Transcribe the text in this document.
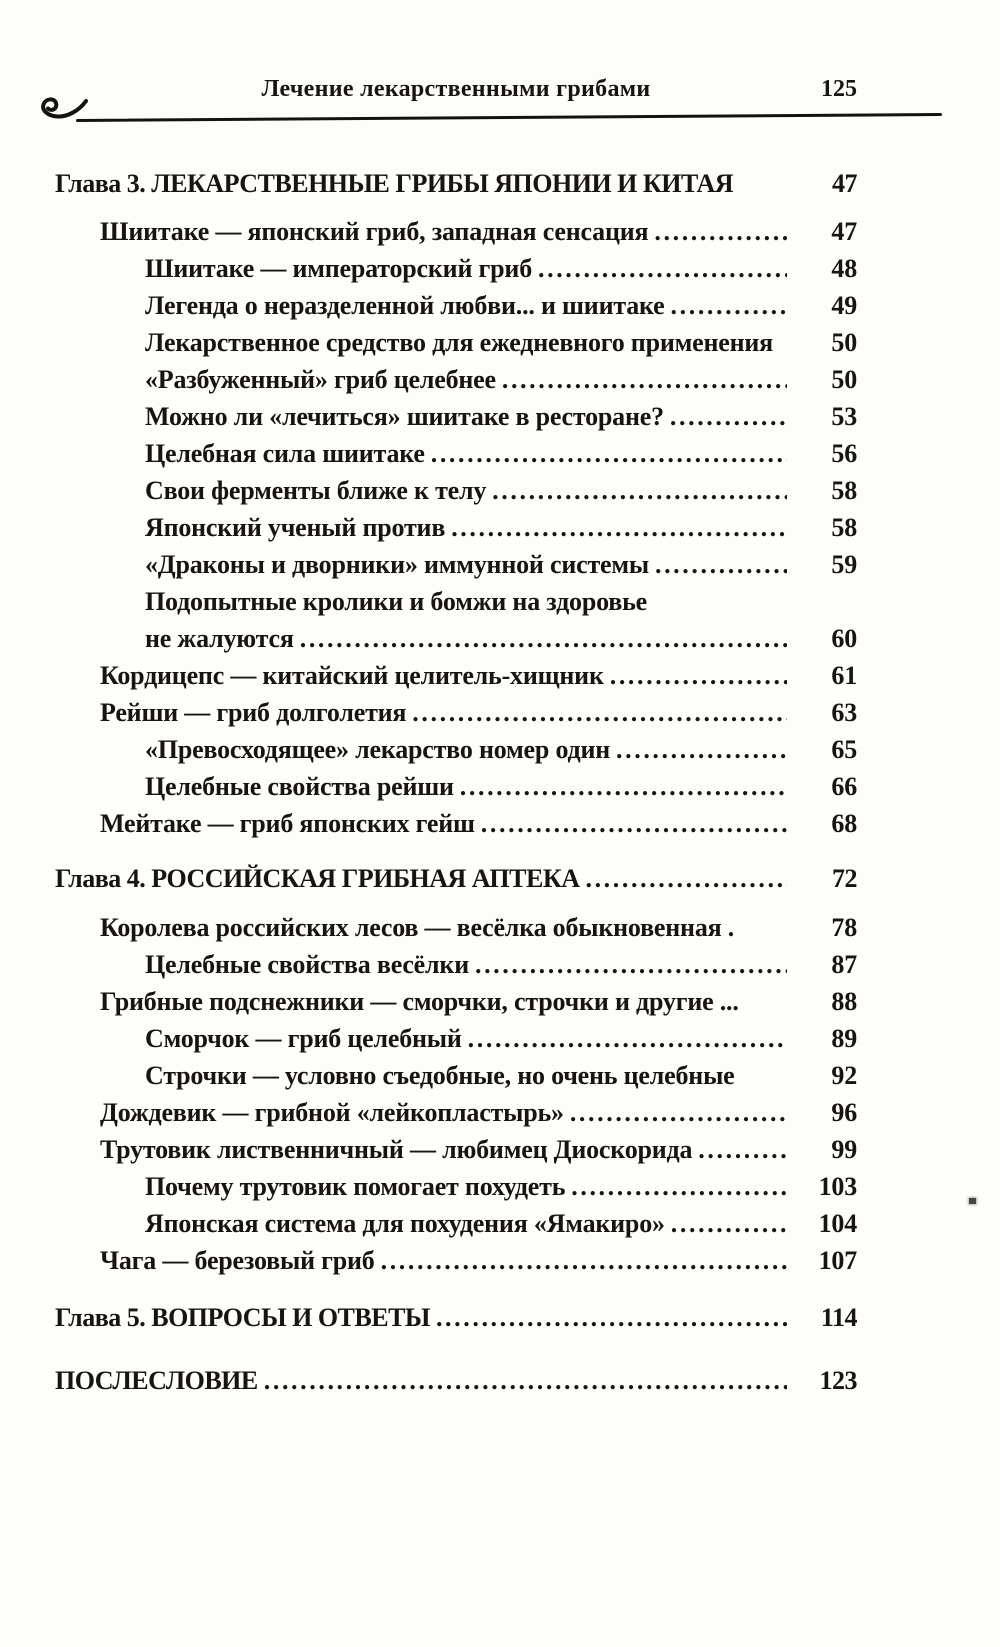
Лечение лекарственными грибами	125
Глава 3. ЛЕКАРСТВЕННЫЕ ГРИБЫ ЯПОНИИ И КИТАЯ	47
Шиитаке — японский гриб, западная сенсация .....	47
Шиитаке — императорский гриб .....	48
Легенда о неразделенной любви... и шиитаке .....	49
Лекарственное средство для ежедневного применения	50
«Разбуженный» гриб целебнее .....	50
Можно ли «лечиться» шиитаке в ресторане? .....	53
Целебная сила шиитаке .....	56
Свои ферменты ближе к телу .....	58
Японский ученый против .....	58
«Драконы и дворники» иммунной системы .....	59
Подопытные кролики и бомжи на здоровье
не жалуются .....	60
Кордицепс — китайский целитель-хищник .....	61
Рейши — гриб долголетия .....	63
«Превосходящее» лекарство номер один .....	65
Целебные свойства рейши .....	66
Мейтаке — гриб японских гейш .....	68
Глава 4. РОССИЙСКАЯ ГРИБНАЯ АПТЕКА .....	72
Королева российских лесов — весёлка обыкновенная .	78
Целебные свойства весёлки .....	87
Грибные подснежники — сморчки, строчки и другие ...	88
Сморчок — гриб целебный .....	89
Строчки — условно съедобные, но очень целебные	92
Дождевик — грибной «лейкопластырь» .....	96
Трутовик лиственничный — любимец Диоскорида .....	99
Почему трутовик помогает похудеть .....	103
Японская система для похудения «Ямакиро» .....	104
Чага — березовый гриб .....	107
Глава 5. ВОПРОСЫ И ОТВЕТЫ .....	114
ПОСЛЕСЛОВИЕ .....	123
